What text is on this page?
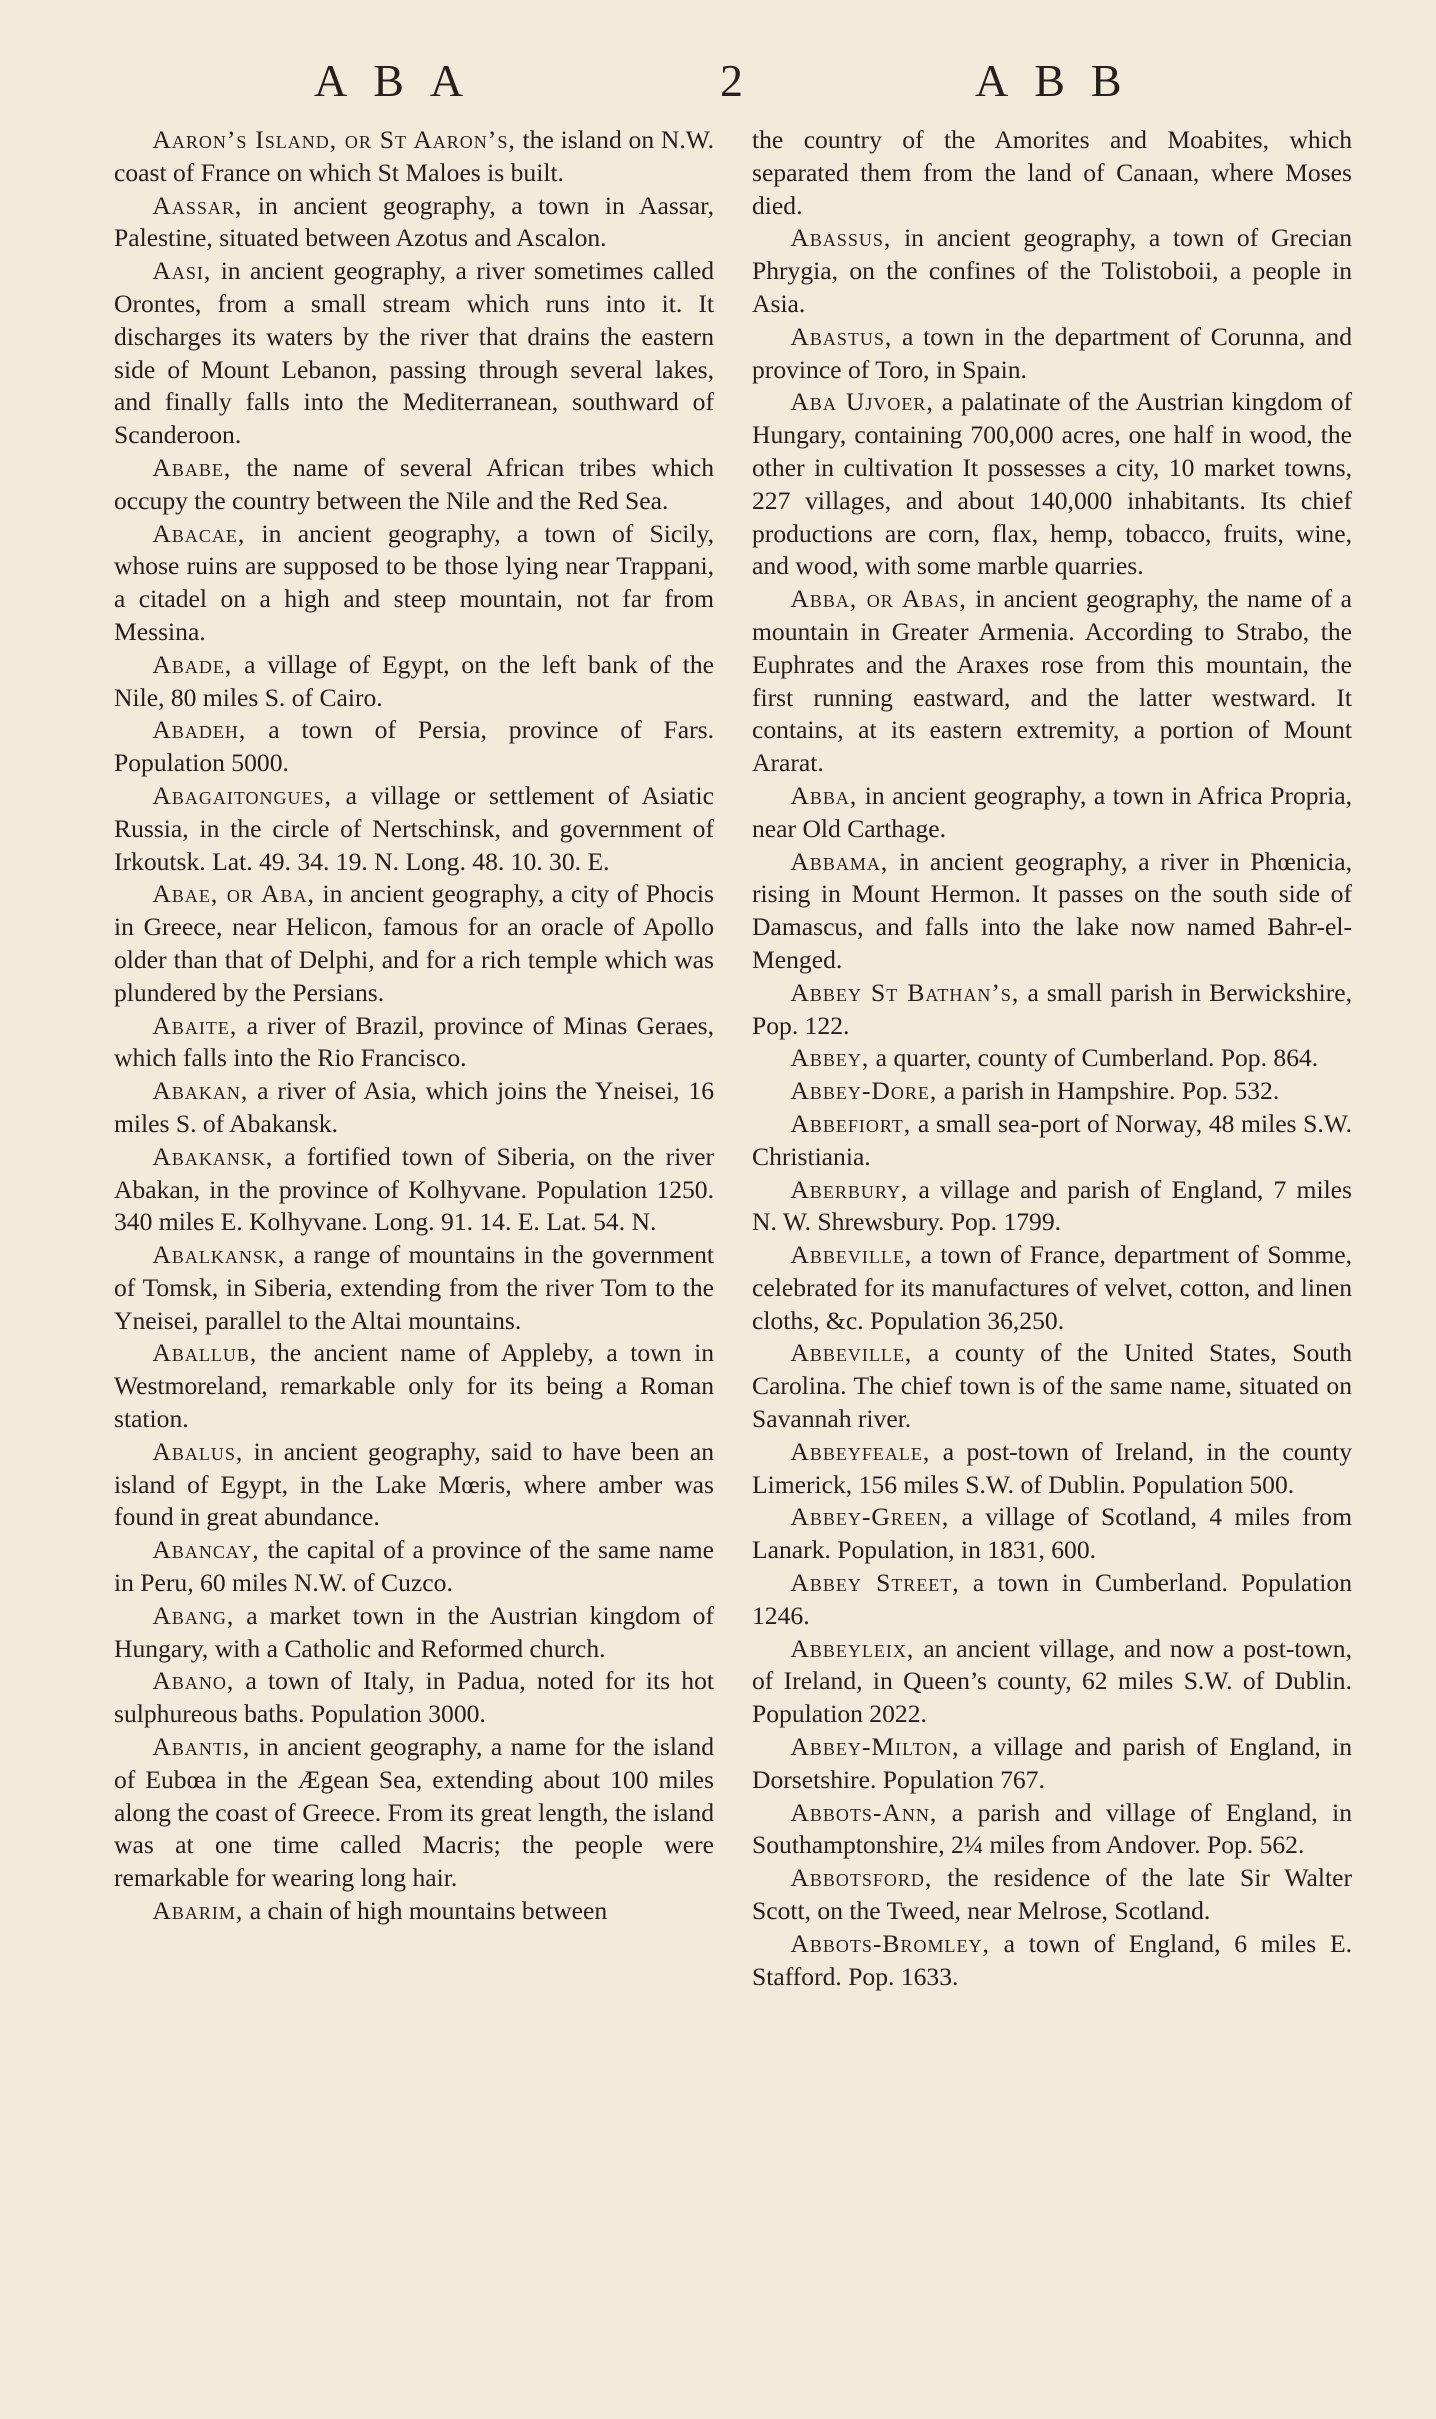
ABA	2	ABB

Aaron’s Island, or St Aaron’s, the island on N.W. coast of France on which St Maloes is built.

Aassar, in ancient geography, a town in Aassar, Palestine, situated between Azotus and Ascalon.

Aasi, in ancient geography, a river sometimes called Orontes, from a small stream which runs into it. It discharges its waters by the river that drains the eastern side of Mount Lebanon, passing through several lakes, and finally falls into the Mediterranean, southward of Scanderoon.

Ababe, the name of several African tribes which occupy the country between the Nile and the Red Sea.

Abacae, in ancient geography, a town of Sicily, whose ruins are supposed to be those lying near Trappani, a citadel on a high and steep mountain, not far from Messina.

Abade, a village of Egypt, on the left bank of the Nile, 80 miles S. of Cairo.

Abadeh, a town of Persia, province of Fars. Population 5000.

Abagaitongues, a village or settlement of Asiatic Russia, in the circle of Nertschinsk, and government of Irkoutsk. Lat. 49. 34. 19. N. Long. 48. 10. 30. E.

Abae, or Aba, in ancient geography, a city of Phocis in Greece, near Helicon, famous for an oracle of Apollo older than that of Delphi, and for a rich temple which was plundered by the Persians.

Abaite, a river of Brazil, province of Minas Geraes, which falls into the Rio Francisco.

Abakan, a river of Asia, which joins the Yneisei, 16 miles S. of Abakansk.

Abakansk, a fortified town of Siberia, on the river Abakan, in the province of Kolhyvane. Population 1250. 340 miles E. Kolhyvane. Long. 91. 14. E. Lat. 54. N.

Abalkansk, a range of mountains in the government of Tomsk, in Siberia, extending from the river Tom to the Yneisei, parallel to the Altai mountains.

Aballub, the ancient name of Appleby, a town in Westmoreland, remarkable only for its being a Roman station.

Abalus, in ancient geography, said to have been an island of Egypt, in the Lake Mœris, where amber was found in great abundance.

Abancay, the capital of a province of the same name in Peru, 60 miles N.W. of Cuzco.

Abang, a market town in the Austrian kingdom of Hungary, with a Catholic and Reformed church.

Abano, a town of Italy, in Padua, noted for its hot sulphureous baths. Population 3000.

Abantis, in ancient geography, a name for the island of Eubœa in the Ægean Sea, extending about 100 miles along the coast of Greece. From its great length, the island was at one time called Macris; the people were remarkable for wearing long hair.

Abarim, a chain of high mountains between

the country of the Amorites and Moabites, which separated them from the land of Canaan, where Moses died.

Abassus, in ancient geography, a town of Grecian Phrygia, on the confines of the Tolistoboii, a people in Asia.

Abastus, a town in the department of Corunna, and province of Toro, in Spain.

Aba Ujvoer, a palatinate of the Austrian kingdom of Hungary, containing 700,000 acres, one half in wood, the other in cultivation It possesses a city, 10 market towns, 227 villages, and about 140,000 inhabitants. Its chief productions are corn, flax, hemp, tobacco, fruits, wine, and wood, with some marble quarries.

Abba, or Abas, in ancient geography, the name of a mountain in Greater Armenia. According to Strabo, the Euphrates and the Araxes rose from this mountain, the first running eastward, and the latter westward. It contains, at its eastern extremity, a portion of Mount Ararat.

Abba, in ancient geography, a town in Africa Propria, near Old Carthage.

Abbama, in ancient geography, a river in Phœnicia, rising in Mount Hermon. It passes on the south side of Damascus, and falls into the lake now named Bahr-el-Menged.

Abbey St Bathan’s, a small parish in Berwickshire, Pop. 122.

Abbey, a quarter, county of Cumberland. Pop. 864.

Abbey-Dore, a parish in Hampshire. Pop. 532.

Abbefiort, a small sea-port of Norway, 48 miles S.W. Christiania.

Aberbury, a village and parish of England, 7 miles N. W. Shrewsbury. Pop. 1799.

Abbeville, a town of France, department of Somme, celebrated for its manufactures of velvet, cotton, and linen cloths, &c. Population 36,250.

Abbeville, a county of the United States, South Carolina. The chief town is of the same name, situated on Savannah river.

Abbeyfeale, a post-town of Ireland, in the county Limerick, 156 miles S.W. of Dublin. Population 500.

Abbey-Green, a village of Scotland, 4 miles from Lanark. Population, in 1831, 600.

Abbey Street, a town in Cumberland. Population 1246.

Abbeyleix, an ancient village, and now a post-town, of Ireland, in Queen’s county, 62 miles S.W. of Dublin. Population 2022.

Abbey-Milton, a village and parish of England, in Dorsetshire. Population 767.

Abbots-Ann, a parish and village of England, in Southamptonshire, 2¼ miles from Andover. Pop. 562.

Abbotsford, the residence of the late Sir Walter Scott, on the Tweed, near Melrose, Scotland.

Abbots-Bromley, a town of England, 6 miles E. Stafford. Pop. 1633.
